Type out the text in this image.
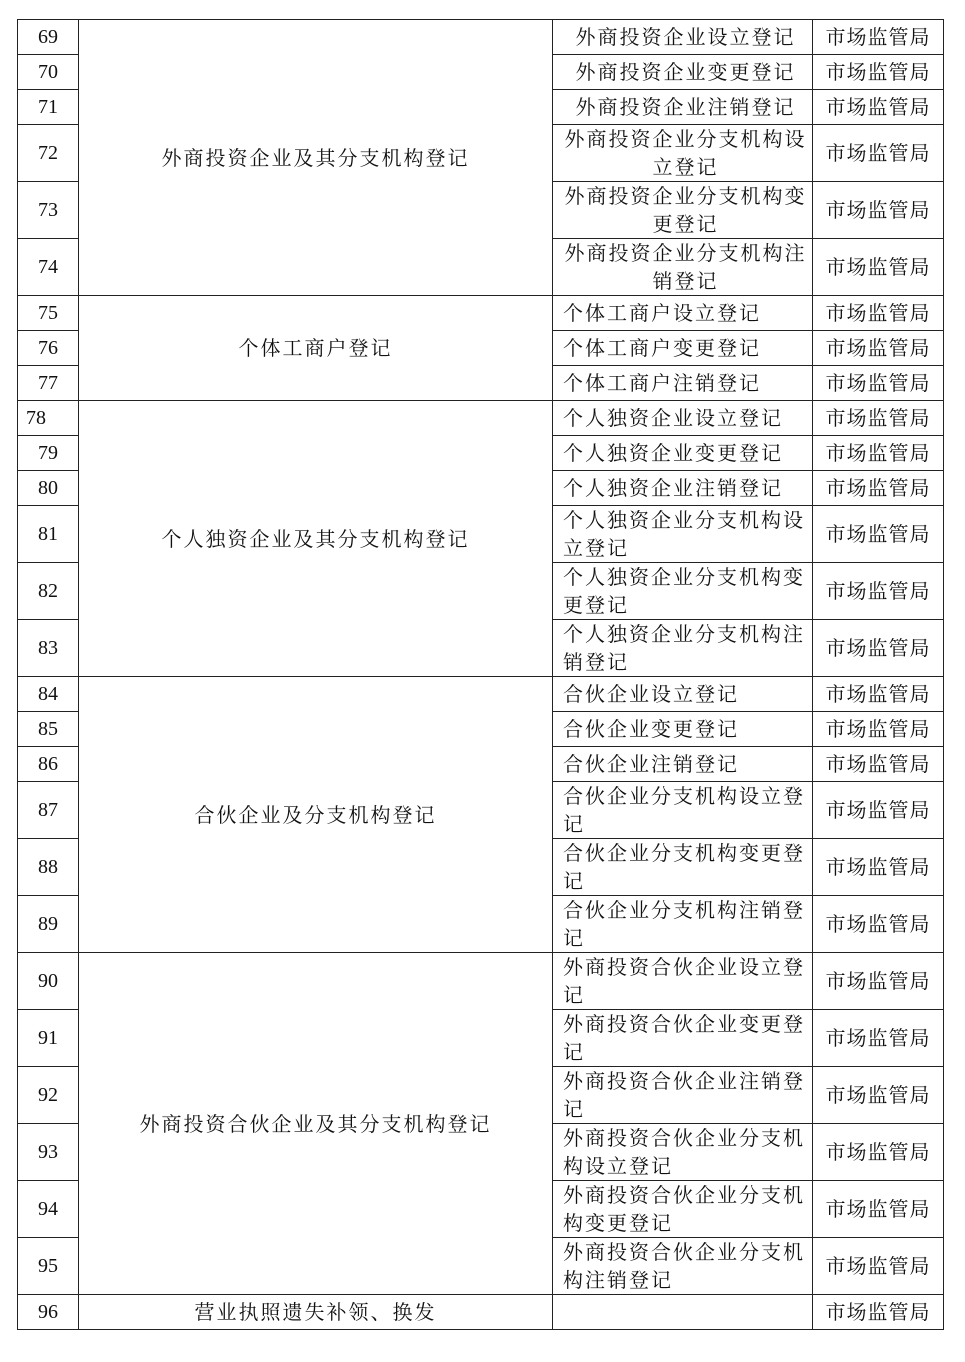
69	外商投资企业及其分支机构登记	外商投资企业设立登记	市场监管局
70		外商投资企业变更登记	市场监管局
71		外商投资企业注销登记	市场监管局
72		外商投资企业分支机构设立登记	市场监管局
73		外商投资企业分支机构变更登记	市场监管局
74		外商投资企业分支机构注销登记	市场监管局
75	个体工商户登记	个体工商户设立登记	市场监管局
76		个体工商户变更登记	市场监管局
77		个体工商户注销登记	市场监管局
78	个人独资企业及其分支机构登记	个人独资企业设立登记	市场监管局
79		个人独资企业变更登记	市场监管局
80		个人独资企业注销登记	市场监管局
81		个人独资企业分支机构设立登记	市场监管局
82		个人独资企业分支机构变更登记	市场监管局
83		个人独资企业分支机构注销登记	市场监管局
84	合伙企业及分支机构登记	合伙企业设立登记	市场监管局
85		合伙企业变更登记	市场监管局
86		合伙企业注销登记	市场监管局
87		合伙企业分支机构设立登记	市场监管局
88		合伙企业分支机构变更登记	市场监管局
89		合伙企业分支机构注销登记	市场监管局
90	外商投资合伙企业及其分支机构登记	外商投资合伙企业设立登记	市场监管局
91		外商投资合伙企业变更登记	市场监管局
92		外商投资合伙企业注销登记	市场监管局
93		外商投资合伙企业分支机构设立登记	市场监管局
94		外商投资合伙企业分支机构变更登记	市场监管局
95		外商投资合伙企业分支机构注销登记	市场监管局
96	营业执照遗失补领、换发		市场监管局
